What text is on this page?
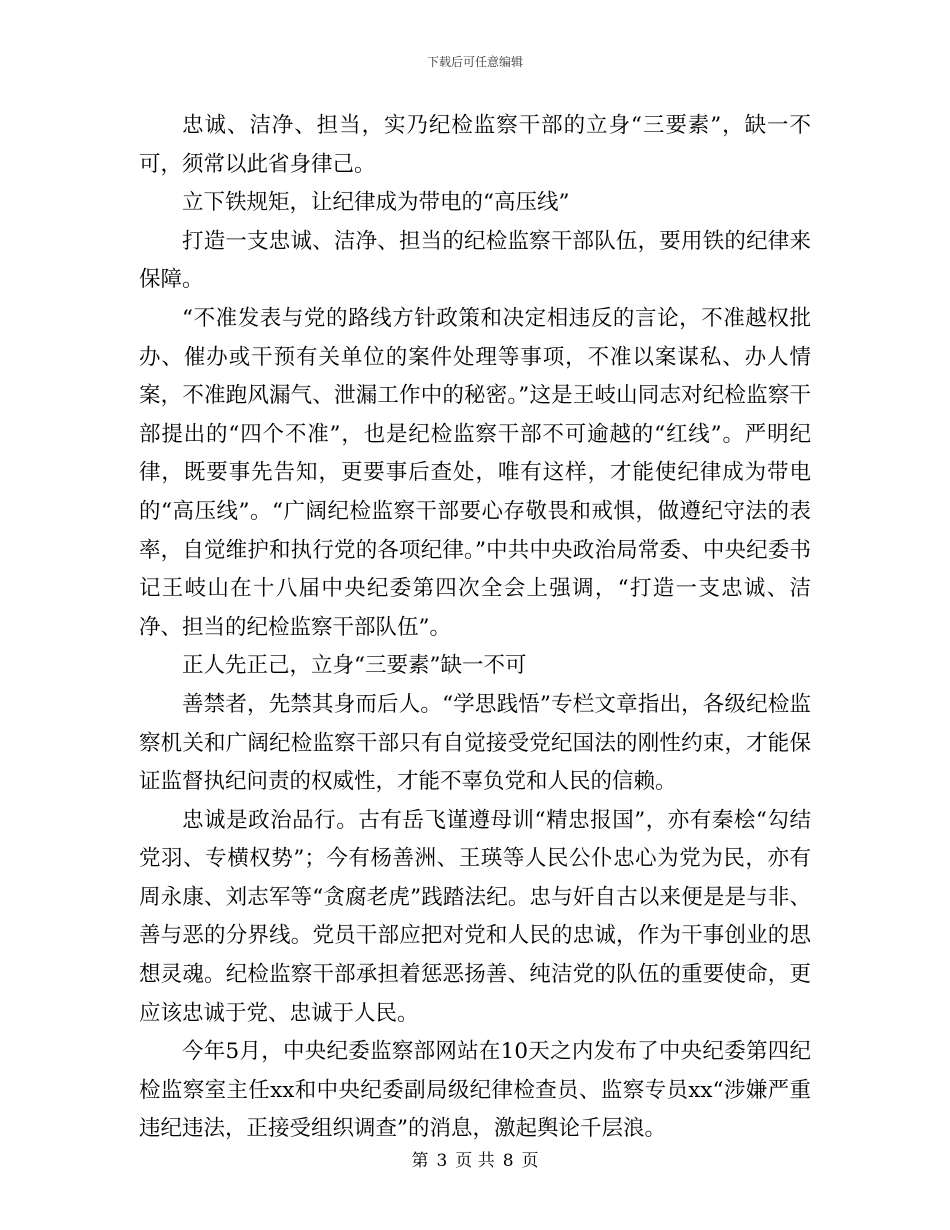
下载后可任意编辑

忠诚、洁净、担当，实乃纪检监察干部的立身“三要素”，缺一不可，须常以此省身律己。

立下铁规矩，让纪律成为带电的“高压线”

打造一支忠诚、洁净、担当的纪检监察干部队伍，要用铁的纪律来保障。

“不准发表与党的路线方针政策和决定相违反的言论，不准越权批办、催办或干预有关单位的案件处理等事项，不准以案谋私、办人情案，不准跑风漏气、泄漏工作中的秘密。”这是王岐山同志对纪检监察干部提出的“四个不准”，也是纪检监察干部不可逾越的“红线”。严明纪律，既要事先告知，更要事后查处，唯有这样，才能使纪律成为带电的“高压线”。“广阔纪检监察干部要心存敬畏和戒惧，做遵纪守法的表率，自觉维护和执行党的各项纪律。”中共中央政治局常委、中央纪委书记王岐山在十八届中央纪委第四次全会上强调，“打造一支忠诚、洁净、担当的纪检监察干部队伍”。

正人先正己，立身“三要素”缺一不可

善禁者，先禁其身而后人。“学思践悟”专栏文章指出，各级纪检监察机关和广阔纪检监察干部只有自觉接受党纪国法的刚性约束，才能保证监督执纪问责的权威性，才能不辜负党和人民的信赖。

忠诚是政治品行。古有岳飞谨遵母训“精忠报国”，亦有秦桧“勾结党羽、专横权势”；今有杨善洲、王瑛等人民公仆忠心为党为民，亦有周永康、刘志军等“贪腐老虎”践踏法纪。忠与奸自古以来便是是与非、善与恶的分界线。党员干部应把对党和人民的忠诚，作为干事创业的思想灵魂。纪检监察干部承担着惩恶扬善、纯洁党的队伍的重要使命，更应该忠诚于党、忠诚于人民。

今年5月，中央纪委监察部网站在10天之内发布了中央纪委第四纪检监察室主任xx和中央纪委副局级纪律检查员、监察专员xx“涉嫌严重违纪违法，正接受组织调查”的消息，激起舆论千层浪。

第 3 页 共 8 页
